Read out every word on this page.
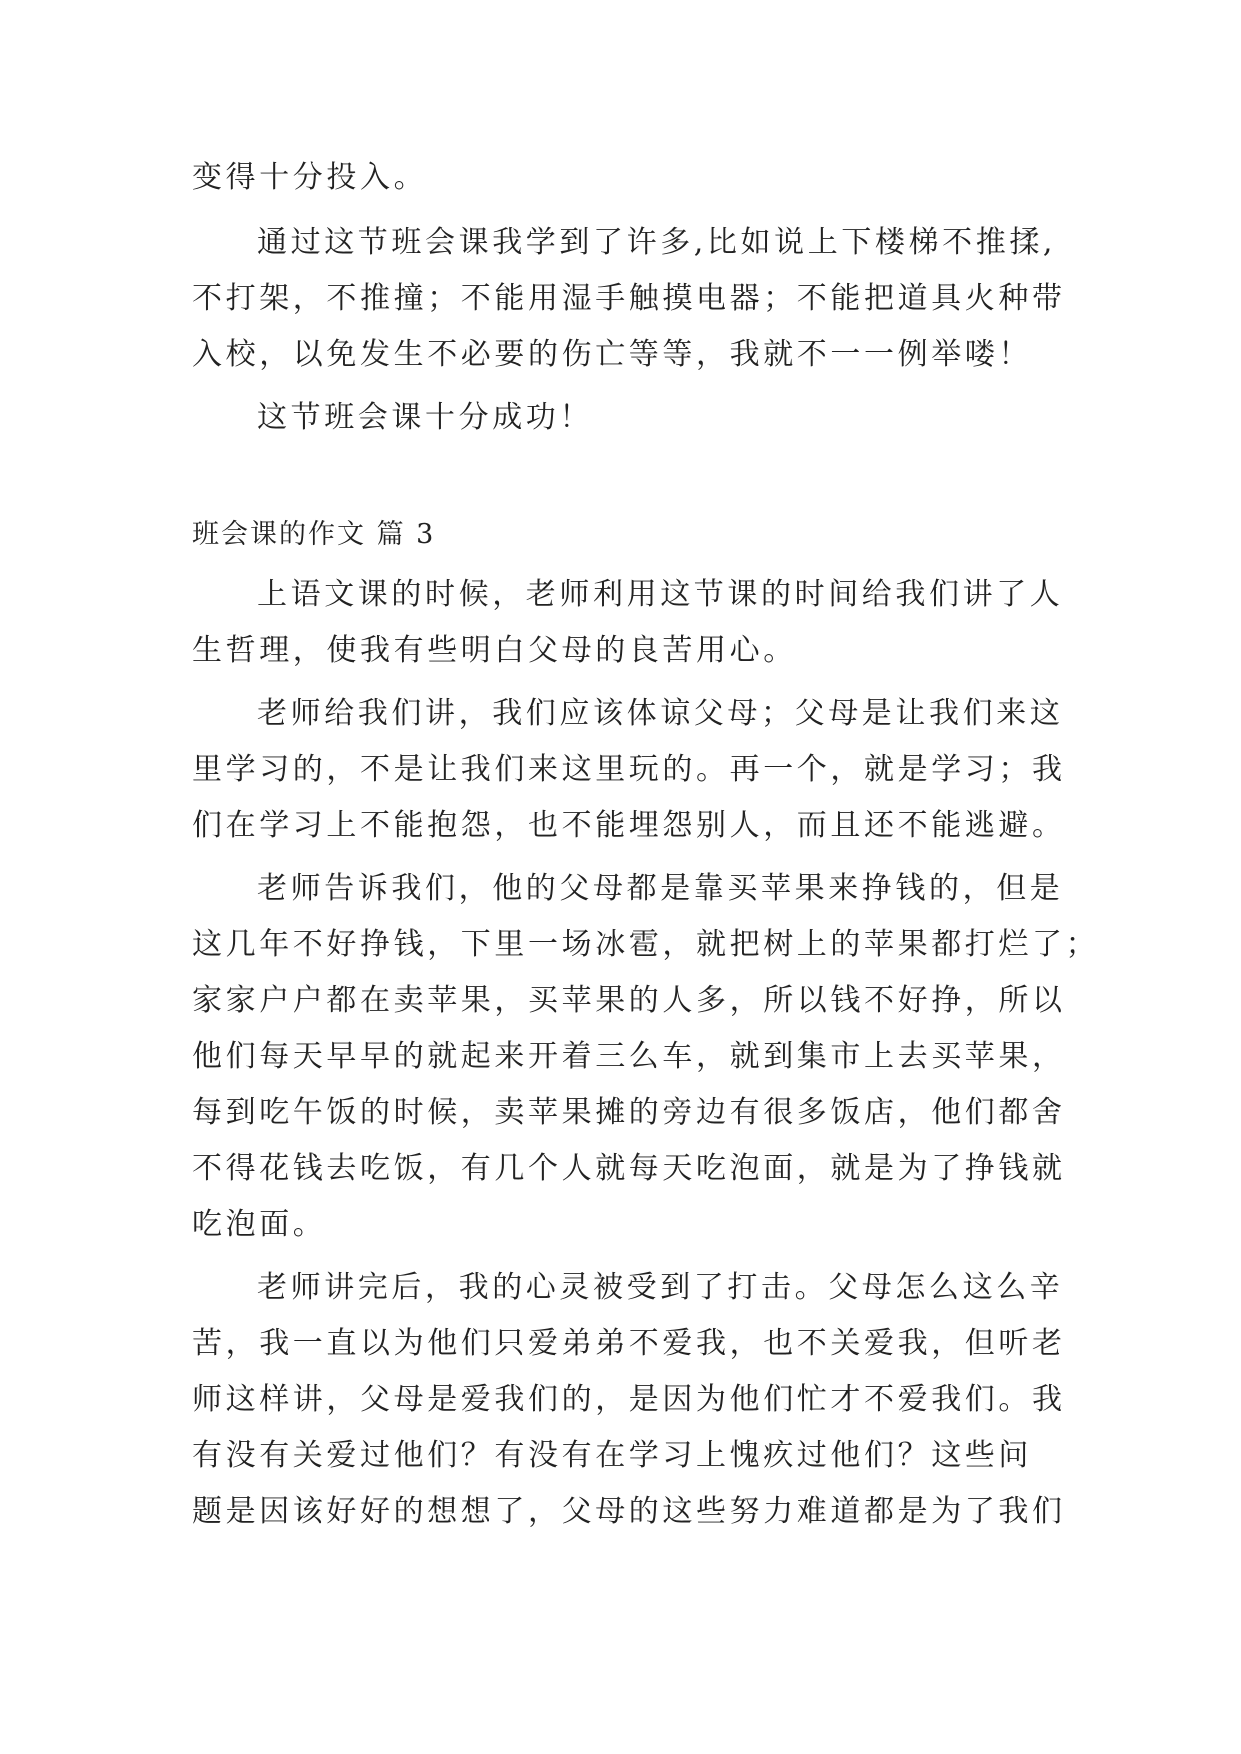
变得十分投入。

通过这节班会课我学到了许多,比如说上下楼梯不推揉,

不打架，不推撞；不能用湿手触摸电器；不能把道具火种带

入校，以免发生不必要的伤亡等等，我就不一一例举喽！

这节班会课十分成功！

班会课的作文 篇 3

上语文课的时候，老师利用这节课的时间给我们讲了人

生哲理，使我有些明白父母的良苦用心。

老师给我们讲，我们应该体谅父母；父母是让我们来这

里学习的，不是让我们来这里玩的。再一个，就是学习；我

们在学习上不能抱怨，也不能埋怨别人，而且还不能逃避。

老师告诉我们，他的父母都是靠买苹果来挣钱的，但是

这几年不好挣钱，下里一场冰雹，就把树上的苹果都打烂了；

家家户户都在卖苹果，买苹果的人多，所以钱不好挣，所以

他们每天早早的就起来开着三么车，就到集市上去买苹果，

每到吃午饭的时候，卖苹果摊的旁边有很多饭店，他们都舍

不得花钱去吃饭，有几个人就每天吃泡面，就是为了挣钱就

吃泡面。

老师讲完后，我的心灵被受到了打击。父母怎么这么辛

苦，我一直以为他们只爱弟弟不爱我，也不关爱我，但听老

师这样讲，父母是爱我们的，是因为他们忙才不爱我们。我

有没有关爱过他们？有没有在学习上愧疚过他们？这些问

题是因该好好的想想了，父母的这些努力难道都是为了我们
